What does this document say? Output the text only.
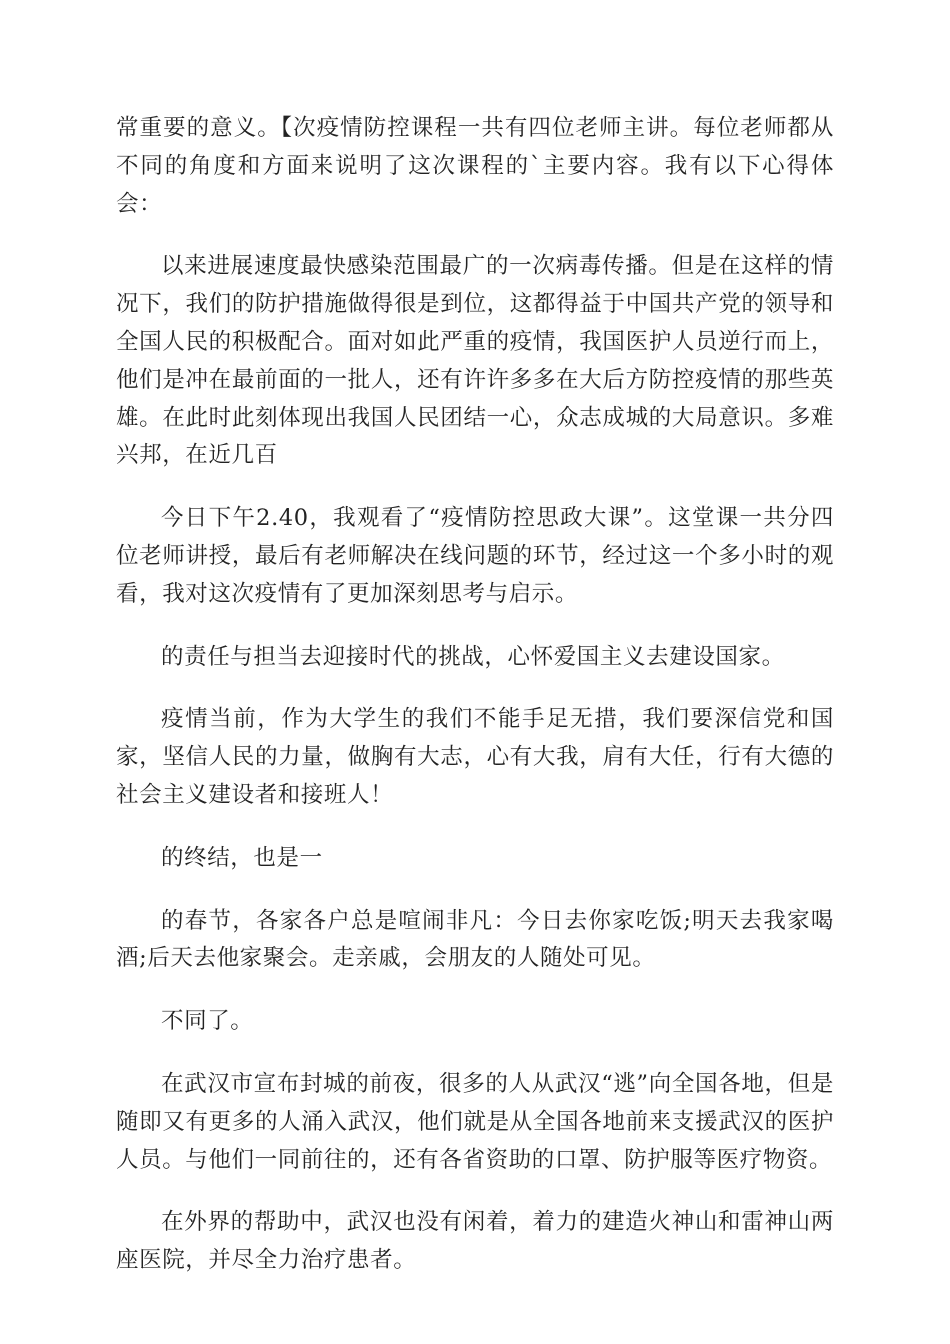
常重要的意义。【次疫情防控课程一共有四位老师主讲。每位老师都从不同的角度和方面来说明了这次课程的`主要内容。我有以下心得体会：

以来进展速度最快感染范围最广的一次病毒传播。但是在这样的情况下，我们的防护措施做得很是到位，这都得益于中国共产党的领导和全国人民的积极配合。面对如此严重的疫情，我国医护人员逆行而上，他们是冲在最前面的一批人，还有许许多多在大后方防控疫情的那些英雄。在此时此刻体现出我国人民团结一心，众志成城的大局意识。多难兴邦，在近几百

今日下午2.40，我观看了“疫情防控思政大课”。这堂课一共分四位老师讲授，最后有老师解决在线问题的环节，经过这一个多小时的观看，我对这次疫情有了更加深刻思考与启示。

的责任与担当去迎接时代的挑战，心怀爱国主义去建设国家。

疫情当前，作为大学生的我们不能手足无措，我们要深信党和国家，坚信人民的力量，做胸有大志，心有大我，肩有大任，行有大德的社会主义建设者和接班人！

的终结，也是一

的春节，各家各户总是喧闹非凡：今日去你家吃饭;明天去我家喝酒;后天去他家聚会。走亲戚，会朋友的人随处可见。

不同了。

在武汉市宣布封城的前夜，很多的人从武汉“逃”向全国各地，但是随即又有更多的人涌入武汉，他们就是从全国各地前来支援武汉的医护人员。与他们一同前往的，还有各省资助的口罩、防护服等医疗物资。

在外界的帮助中，武汉也没有闲着，着力的建造火神山和雷神山两座医院，并尽全力治疗患者。
